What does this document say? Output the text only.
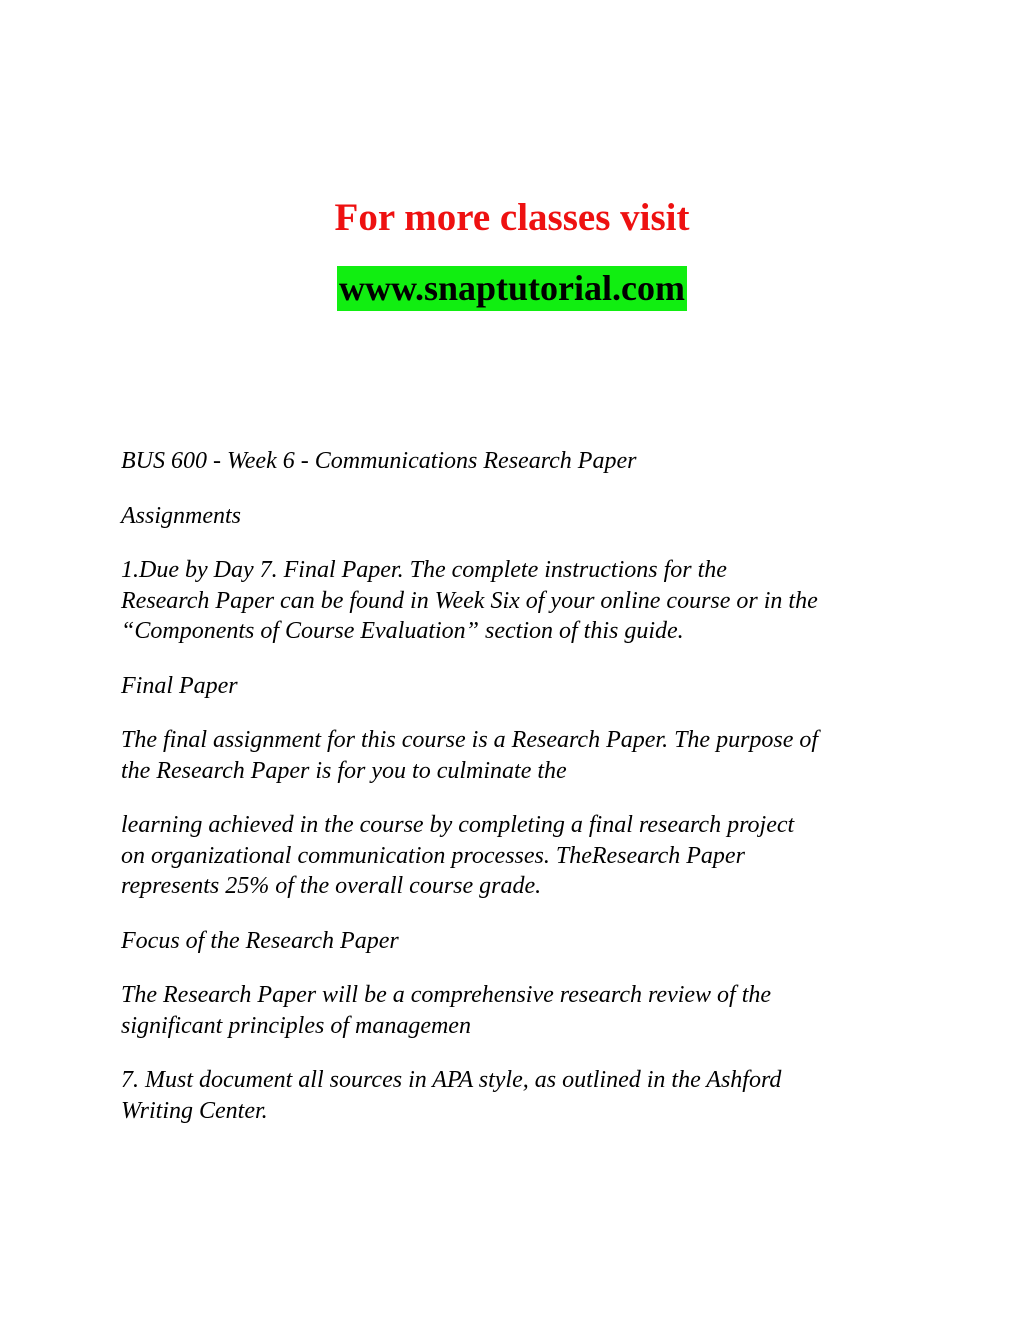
For more classes visit
www.snaptutorial.com

BUS 600 - Week 6 - Communications Research Paper

Assignments

1.Due by Day 7. Final Paper. The complete instructions for the
Research Paper can be found in Week Six of your online course or in the
“Components of Course Evaluation” section of this guide.

Final Paper

The final assignment for this course is a Research Paper. The purpose of
the Research Paper is for you to culminate the

learning achieved in the course by completing a final research project
on organizational communication processes. TheResearch Paper
represents 25% of the overall course grade.

Focus of the Research Paper

The Research Paper will be a comprehensive research review of the
significant principles of managemen

7. Must document all sources in APA style, as outlined in the Ashford
Writing Center.
